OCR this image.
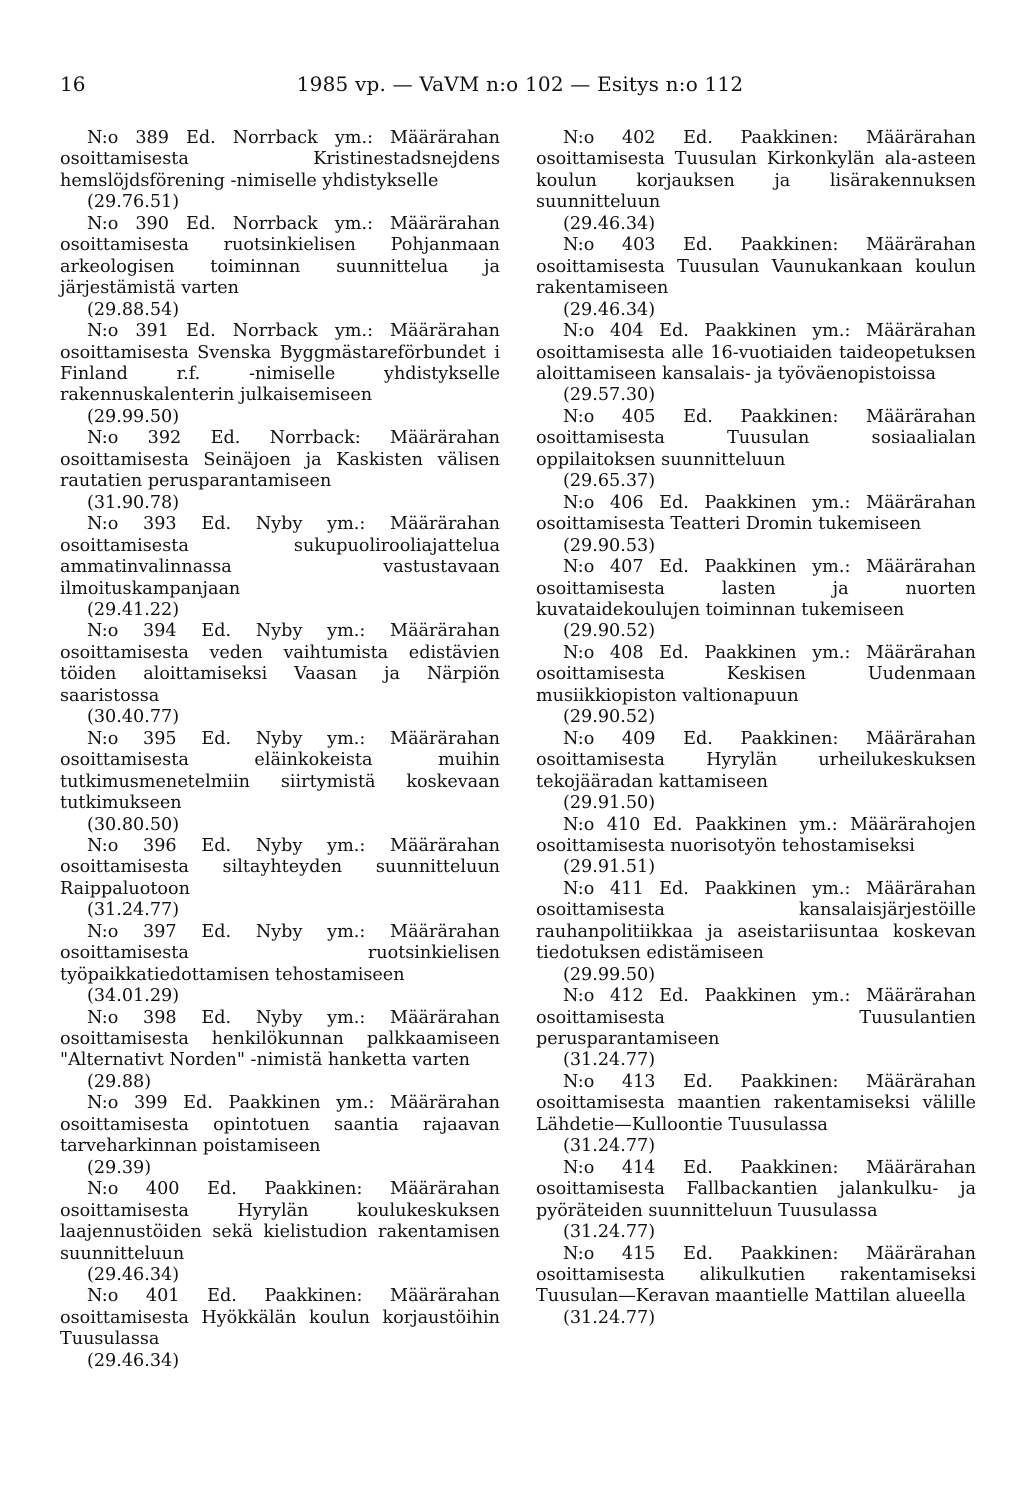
16	1985 vp. — VaVM n:o 102 — Esitys n:o 112

N:o 389 Ed. Norrback ym.: Määrärahan osoittamisesta Kristinestadsnejdens hemslöjdsförening -nimiselle yhdistykselle

(29.76.51)

N:o 390 Ed. Norrback ym.: Määrärahan osoittamisesta ruotsinkielisen Pohjanmaan arkeologisen toiminnan suunnittelua ja järjestämistä varten

(29.88.54)

N:o 391 Ed. Norrback ym.: Määrärahan osoittamisesta Svenska Byggmästareförbundet i Finland r.f. -nimiselle yhdistykselle rakennuskalenterin julkaisemiseen

(29.99.50)

N:o 392 Ed. Norrback: Määrärahan osoittamisesta Seinäjoen ja Kaskisten välisen rautatien perusparantamiseen

(31.90.78)

N:o 393 Ed. Nyby ym.: Määrärahan osoittamisesta sukupuolirooliajattelua ammatinvalinnassa vastustavaan ilmoituskampanjaan

(29.41.22)

N:o 394 Ed. Nyby ym.: Määrärahan osoittamisesta veden vaihtumista edistävien töiden aloittamiseksi Vaasan ja Närpiön saaristossa

(30.40.77)

N:o 395 Ed. Nyby ym.: Määrärahan osoittamisesta eläinkokeista muihin tutkimusmenetelmiin siirtymistä koskevaan tutkimukseen

(30.80.50)

N:o 396 Ed. Nyby ym.: Määrärahan osoittamisesta siltayhteyden suunnitteluun Raippaluotoon

(31.24.77)

N:o 397 Ed. Nyby ym.: Määrärahan osoittamisesta ruotsinkielisen työpaikkatiedottamisen tehostamiseen

(34.01.29)

N:o 398 Ed. Nyby ym.: Määrärahan osoittamisesta henkilökunnan palkkaamiseen "Alternativt Norden" -nimistä hanketta varten

(29.88)

N:o 399 Ed. Paakkinen ym.: Määrärahan osoittamisesta opintotuen saantia rajaavan tarveharkinnan poistamiseen

(29.39)

N:o 400 Ed. Paakkinen: Määrärahan osoittamisesta Hyrylän koulukeskuksen laajennustöiden sekä kielistudion rakentamisen suunnitteluun

(29.46.34)

N:o 401 Ed. Paakkinen: Määrärahan osoittamisesta Hyökkälän koulun korjaustöihin Tuusulassa

(29.46.34)

N:o 402 Ed. Paakkinen: Määrärahan osoittamisesta Tuusulan Kirkonkylän ala-asteen koulun korjauksen ja lisärakennuksen suunnitteluun

(29.46.34)

N:o 403 Ed. Paakkinen: Määrärahan osoittamisesta Tuusulan Vaunukankaan koulun rakentamiseen

(29.46.34)

N:o 404 Ed. Paakkinen ym.: Määrärahan osoittamisesta alle 16-vuotiaiden taideopetuksen aloittamiseen kansalais- ja työväenopistoissa

(29.57.30)

N:o 405 Ed. Paakkinen: Määrärahan osoittamisesta Tuusulan sosiaalialan oppilaitoksen suunnitteluun

(29.65.37)

N:o 406 Ed. Paakkinen ym.: Määrärahan osoittamisesta Teatteri Dromin tukemiseen

(29.90.53)

N:o 407 Ed. Paakkinen ym.: Määrärahan osoittamisesta lasten ja nuorten kuvataidekoulujen toiminnan tukemiseen

(29.90.52)

N:o 408 Ed. Paakkinen ym.: Määrärahan osoittamisesta Keskisen Uudenmaan musiikkiopiston valtionapuun

(29.90.52)

N:o 409 Ed. Paakkinen: Määrärahan osoittamisesta Hyrylän urheilukeskuksen tekojääradan kattamiseen

(29.91.50)

N:o 410 Ed. Paakkinen ym.: Määrärahojen osoittamisesta nuorisotyön tehostamiseksi

(29.91.51)

N:o 411 Ed. Paakkinen ym.: Määrärahan osoittamisesta kansalaisjärjestöille rauhanpolitiikkaa ja aseistariisuntaa koskevan tiedotuksen edistämiseen

(29.99.50)

N:o 412 Ed. Paakkinen ym.: Määrärahan osoittamisesta Tuusulantien perusparantamiseen

(31.24.77)

N:o 413 Ed. Paakkinen: Määrärahan osoittamisesta maantien rakentamiseksi välille Lähdetie—Kulloontie Tuusulassa

(31.24.77)

N:o 414 Ed. Paakkinen: Määrärahan osoittamisesta Fallbackantien jalankulku- ja pyöräteiden suunnitteluun Tuusulassa

(31.24.77)

N:o 415 Ed. Paakkinen: Määrärahan osoittamisesta alikulkutien rakentamiseksi Tuusulan—Keravan maantielle Mattilan alueella

(31.24.77)
